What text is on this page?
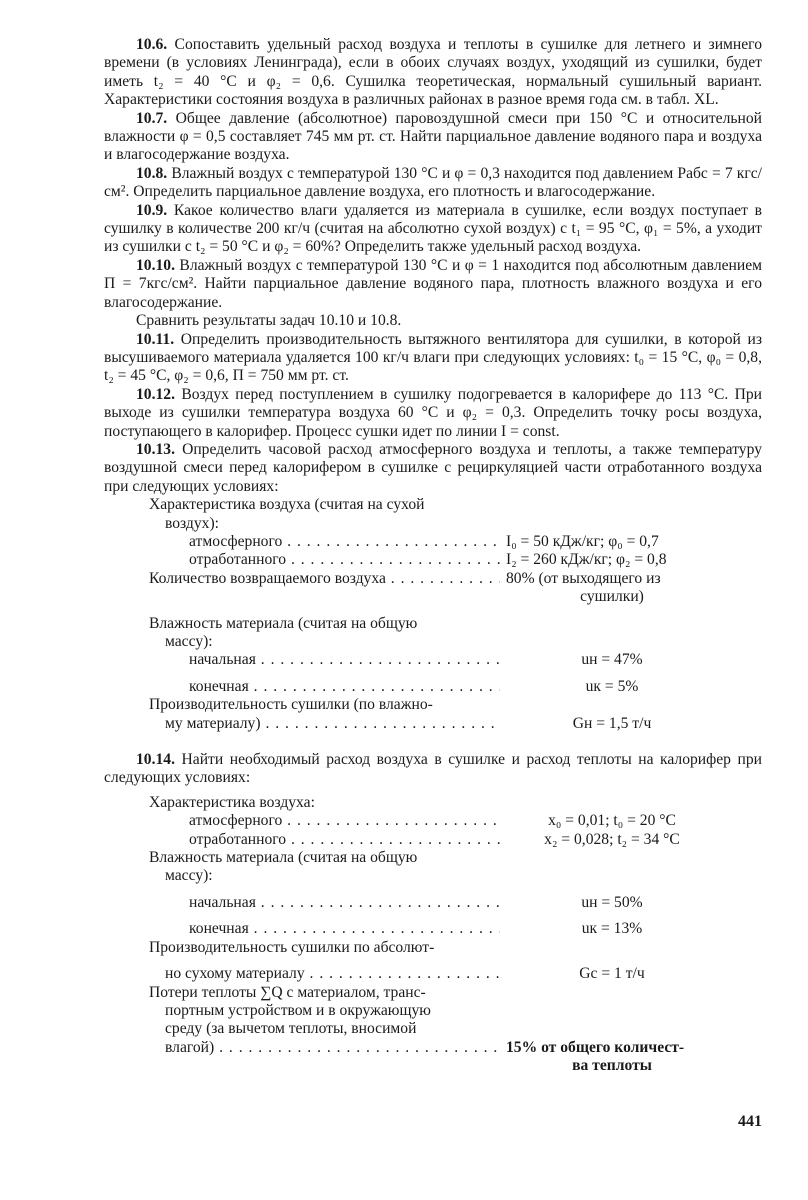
10.6. Сопоставить удельный расход воздуха и теплоты в сушилке для летнего и зимнего времени (в условиях Ленинграда), если в обоих случаях воздух, уходящий из сушилки, будет иметь t₂ = 40 °C и φ₂ = 0,6. Сушилка теоретическая, нормальный сушильный вариант. Характеристики состояния воздуха в различных районах в разное время года см. в табл. XL.

10.7. Общее давление (абсолютное) паровоздушной смеси при 150 °C и относительной влажности φ = 0,5 составляет 745 мм рт. ст. Найти парциальное давление водяного пара и воздуха и влагосодержание воздуха.

10.8. Влажный воздух с температурой 130 °C и φ = 0,3 находится под давлением Pабс = 7 кгс/см². Определить парциальное давление воздуха, его плотность и влагосодержание.

10.9. Какое количество влаги удаляется из материала в сушилке, если воздух поступает в сушилку в количестве 200 кг/ч (считая на абсолютно сухой воздух) с t₁ = 95 °C, φ₁ = 5%, а уходит из сушилки с t₂ = 50 °C и φ₂ = 60%? Определить также удельный расход воздуха.

10.10. Влажный воздух с температурой 130 °C и φ = 1 находится под абсолютным давлением П = 7кгс/см². Найти парциальное давление водяного пара, плотность влажного воздуха и его влагосодержание.

Сравнить результаты задач 10.10 и 10.8.

10.11. Определить производительность вытяжного вентилятора для сушилки, в которой из высушиваемого материала удаляется 100 кг/ч влаги при следующих условиях: t₀ = 15 °C, φ₀ = 0,8, t₂ = 45 °C, φ₂ = 0,6, П = 750 мм рт. ст.

10.12. Воздух перед поступлением в сушилку подогревается в калорифере до 113 °C. При выходе из сушилки температура воздуха 60 °C и φ₂ = 0,3. Определить точку росы воздуха, поступающего в калорифер. Процесс сушки идет по линии I = const.

10.13. Определить часовой расход атмосферного воздуха и теплоты, а также температуру воздушной смеси перед калорифером в сушилке с рециркуляцией части отработанного воздуха при следующих условиях:

Характеристика воздуха (считая на сухой
воздух):
атмосферного . . .	I₀ = 50 кДж/кг; φ₀ = 0,7
отработанного . . .	I₂ = 260 кДж/кг; φ₂ = 0,8
Количество возвращаемого воздуха . . .	80% (от выходящего из
сушилки)
Влажность материала (считая на общую
массу):
начальная . . .	uн = 47%
конечная . . .	uк = 5%
Производительность сушилки (по влажно-
му материалу) . . .	Gн = 1,5 т/ч

10.14. Найти необходимый расход воздуха в сушилке и расход теплоты на калорифер при следующих условиях:

Характеристика воздуха:
атмосферного . . .	x₀ = 0,01; t₀ = 20 °C
отработанного . . .	x₂ = 0,028; t₂ = 34 °C
Влажность материала (считая на общую
массу):
начальная . . .	uн = 50%
конечная . . .	uк = 13%
Производительность сушилки по абсолют-
но сухому материалу . . .	Gс = 1 т/ч
Потери теплоты ∑Q с материалом, транс-
портным устройством и в окружающую
среду (за вычетом теплоты, вносимой
влагой) . . .	15% от общего количест-
ва теплоты
441
